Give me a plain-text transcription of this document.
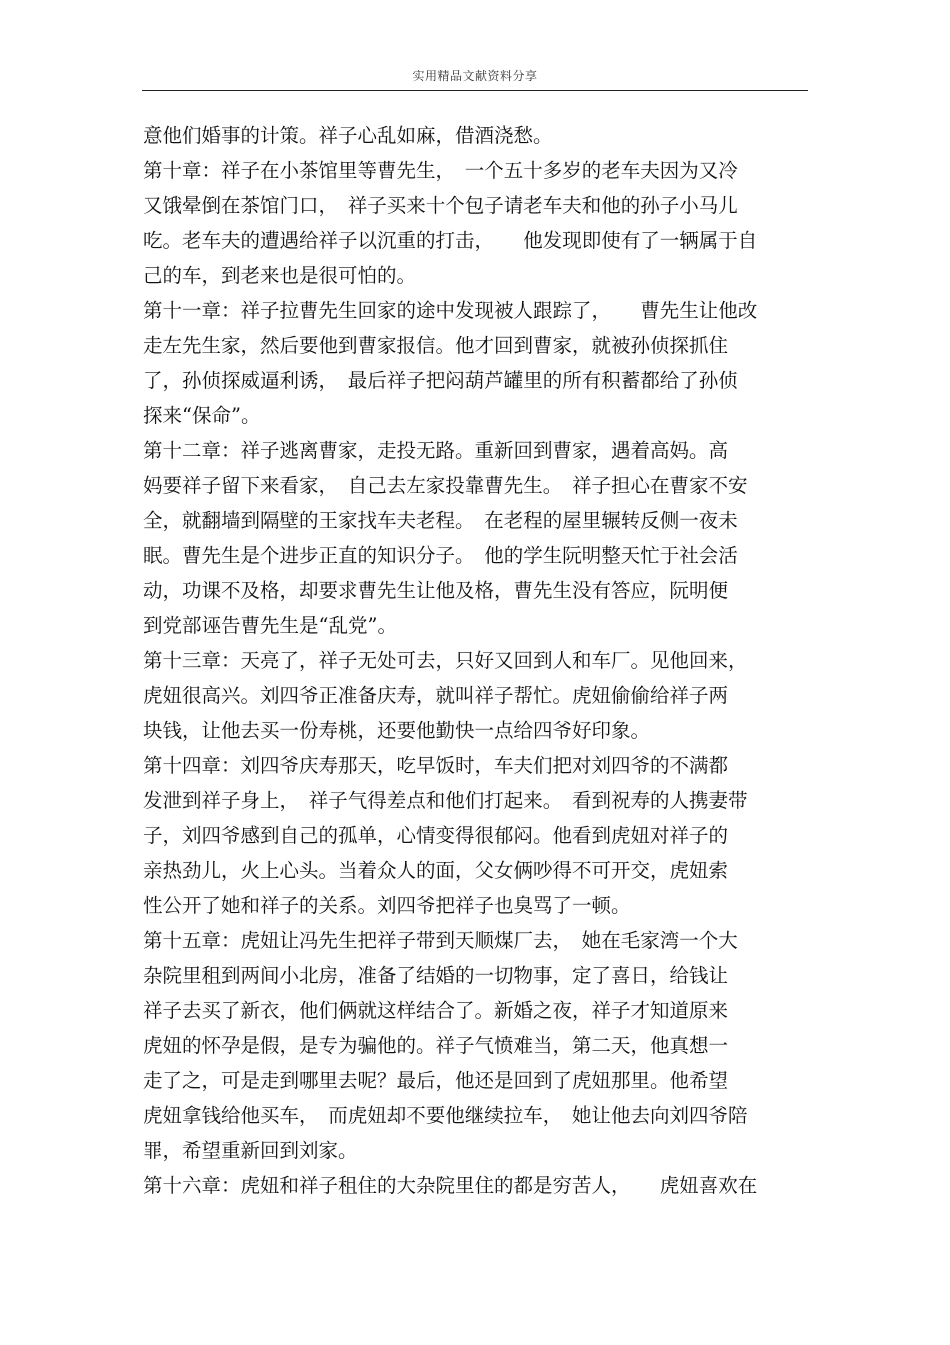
实用精品文献资料分享
意他们婚事的计策。祥子心乱如麻，借酒浇愁。
第十章：祥子在小茶馆里等曹先生，　一个五十多岁的老车夫因为又冷
又饿晕倒在茶馆门口，　祥子买来十个包子请老车夫和他的孙子小马儿
吃。老车夫的遭遇给祥子以沉重的打击，　　他发现即使有了一辆属于自
己的车，到老来也是很可怕的。
第十一章：祥子拉曹先生回家的途中发现被人跟踪了，　　曹先生让他改
走左先生家，然后要他到曹家报信。他才回到曹家，就被孙侦探抓住
了，孙侦探威逼利诱，　最后祥子把闷葫芦罐里的所有积蓄都给了孙侦
探来“保命”。
第十二章：祥子逃离曹家，走投无路。重新回到曹家，遇着高妈。高
妈要祥子留下来看家，　自己去左家投靠曹先生。　祥子担心在曹家不安
全，就翻墙到隔壁的王家找车夫老程。　在老程的屋里辗转反侧一夜未
眠。曹先生是个进步正直的知识分子。　他的学生阮明整天忙于社会活
动，功课不及格，却要求曹先生让他及格，曹先生没有答应，阮明便
到党部诬告曹先生是“乱党”。
第十三章：天亮了，祥子无处可去，只好又回到人和车厂。见他回来，
虎妞很高兴。刘四爷正准备庆寿，就叫祥子帮忙。虎妞偷偷给祥子两
块钱，让他去买一份寿桃，还要他勤快一点给四爷好印象。
第十四章：刘四爷庆寿那天，吃早饭时，车夫们把对刘四爷的不满都
发泄到祥子身上，　祥子气得差点和他们打起来。　看到祝寿的人携妻带
子，刘四爷感到自己的孤单，心情变得很郁闷。他看到虎妞对祥子的
亲热劲儿，火上心头。当着众人的面，父女俩吵得不可开交，虎妞索
性公开了她和祥子的关系。刘四爷把祥子也臭骂了一顿。
第十五章：虎妞让冯先生把祥子带到天顺煤厂去，　她在毛家湾一个大
杂院里租到两间小北房，准备了结婚的一切物事，定了喜日，给钱让
祥子去买了新衣，他们俩就这样结合了。新婚之夜，祥子才知道原来
虎妞的怀孕是假，是专为骗他的。祥子气愤难当，第二天，他真想一
走了之，可是走到哪里去呢？最后，他还是回到了虎妞那里。他希望
虎妞拿钱给他买车，　而虎妞却不要他继续拉车，　她让他去向刘四爷陪
罪，希望重新回到刘家。
第十六章：虎妞和祥子租住的大杂院里住的都是穷苦人，　　虎妞喜欢在
